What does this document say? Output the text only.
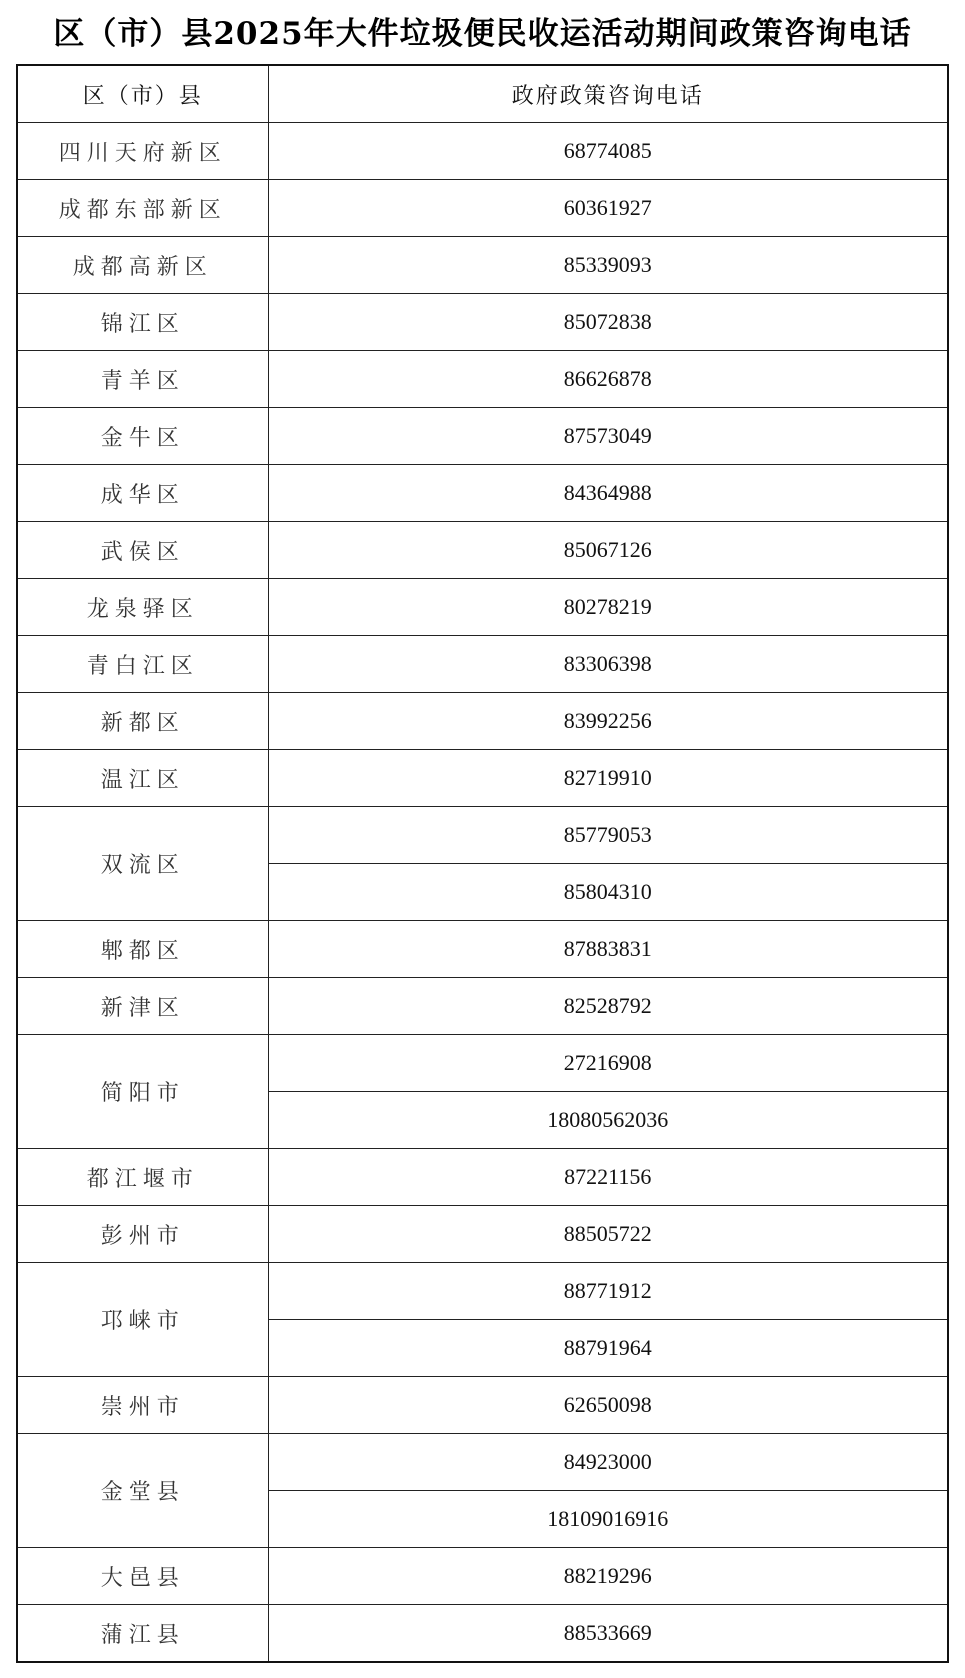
区（市）县2025年大件垃圾便民收运活动期间政策咨询电话
区（市）县	政府政策咨询电话
四川天府新区	68774085
成都东部新区	60361927
成都高新区	85339093
锦江区	85072838
青羊区	86626878
金牛区	87573049
成华区	84364988
武侯区	85067126
龙泉驿区	80278219
青白江区	83306398
新都区	83992256
温江区	82719910
双流区	85779053
	85804310
郫都区	87883831
新津区	82528792
简阳市	27216908
	18080562036
都江堰市	87221156
彭州市	88505722
邛崃市	88771912
	88791964
崇州市	62650098
金堂县	84923000
	18109016916
大邑县	88219296
蒲江县	88533669
